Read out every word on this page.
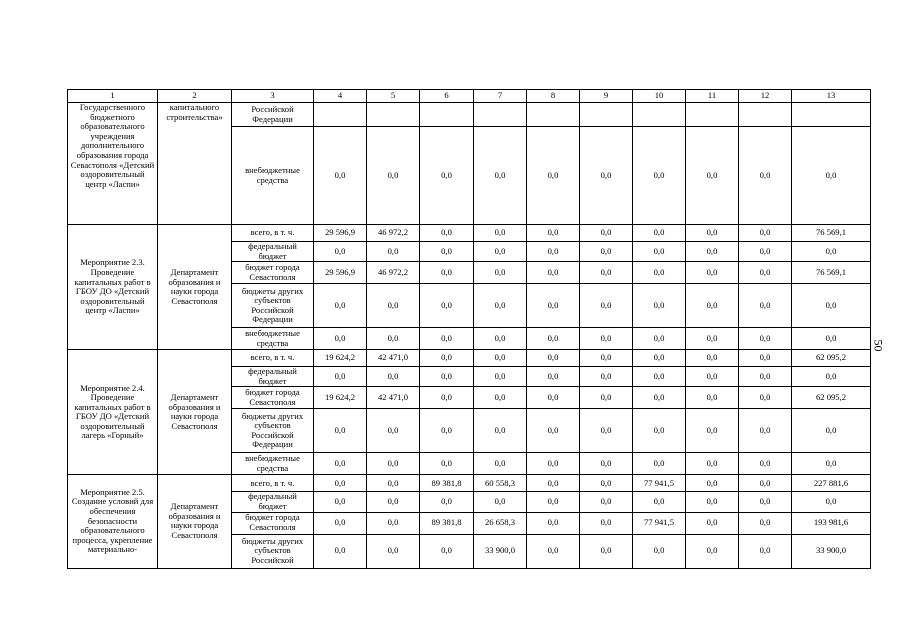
1	2	3	4	5	6	7	8	9	10	11	12	13
Государственного бюджетного образовательного учреждения дополнительного образования города Севастополя «Детский оздоровительный центр «Ласпи»	капитального строительства»	Российской Федерации										
		внебюджетные средства	0,0	0,0	0,0	0,0	0,0	0,0	0,0	0,0	0,0	0,0
Мероприятие 2.3. Проведение капитальных работ в ГБОУ ДО «Детский оздоровительный центр «Ласпи»	Департамент образования и науки города Севастополя	всего, в т. ч.	29 596,9	46 972,2	0,0	0,0	0,0	0,0	0,0	0,0	0,0	76 569,1
		федеральный бюджет	0,0	0,0	0,0	0,0	0,0	0,0	0,0	0,0	0,0	0,0
		бюджет города Севастополя	29 596,9	46 972,2	0,0	0,0	0,0	0,0	0,0	0,0	0,0	76 569,1
		бюджеты других субъектов Российской Федерации	0,0	0,0	0,0	0,0	0,0	0,0	0,0	0,0	0,0	0,0
		внебюджетные средства	0,0	0,0	0,0	0,0	0,0	0,0	0,0	0,0	0,0	0,0
Мероприятие 2.4. Проведение капитальных работ в ГБОУ ДО «Детский оздоровительный лагерь «Горный»	Департамент образования и науки города Севастополя	всего, в т. ч.	19 624,2	42 471,0	0,0	0,0	0,0	0,0	0,0	0,0	0,0	62 095,2
		федеральный бюджет	0,0	0,0	0,0	0,0	0,0	0,0	0,0	0,0	0,0	0,0
		бюджет города Севастополя	19 624,2	42 471,0	0,0	0,0	0,0	0,0	0,0	0,0	0,0	62 095,2
		бюджеты других субъектов Российской Федерации	0,0	0,0	0,0	0,0	0,0	0,0	0,0	0,0	0,0	0,0
		внебюджетные средства	0,0	0,0	0,0	0,0	0,0	0,0	0,0	0,0	0,0	0,0
Мероприятие 2.5. Создание условий для обеспечения безопасности образовательного процесса, укрепление материально-	Департамент образования и науки города Севастополя	всего, в т. ч.	0,0	0,0	89 381,8	60 558,3	0,0	0,0	77 941,5	0,0	0,0	227 881,6
		федеральный бюджет	0,0	0,0	0,0	0,0	0,0	0,0	0,0	0,0	0,0	0,0
		бюджет города Севастополя	0,0	0,0	89 381,8	26 658,3	0,0	0,0	77 941,5	0,0	0,0	193 981,6
		бюджеты других субъектов Российской	0,0	0,0	0,0	33 900,0	0,0	0,0	0,0	0,0	0,0	33 900,0
50
